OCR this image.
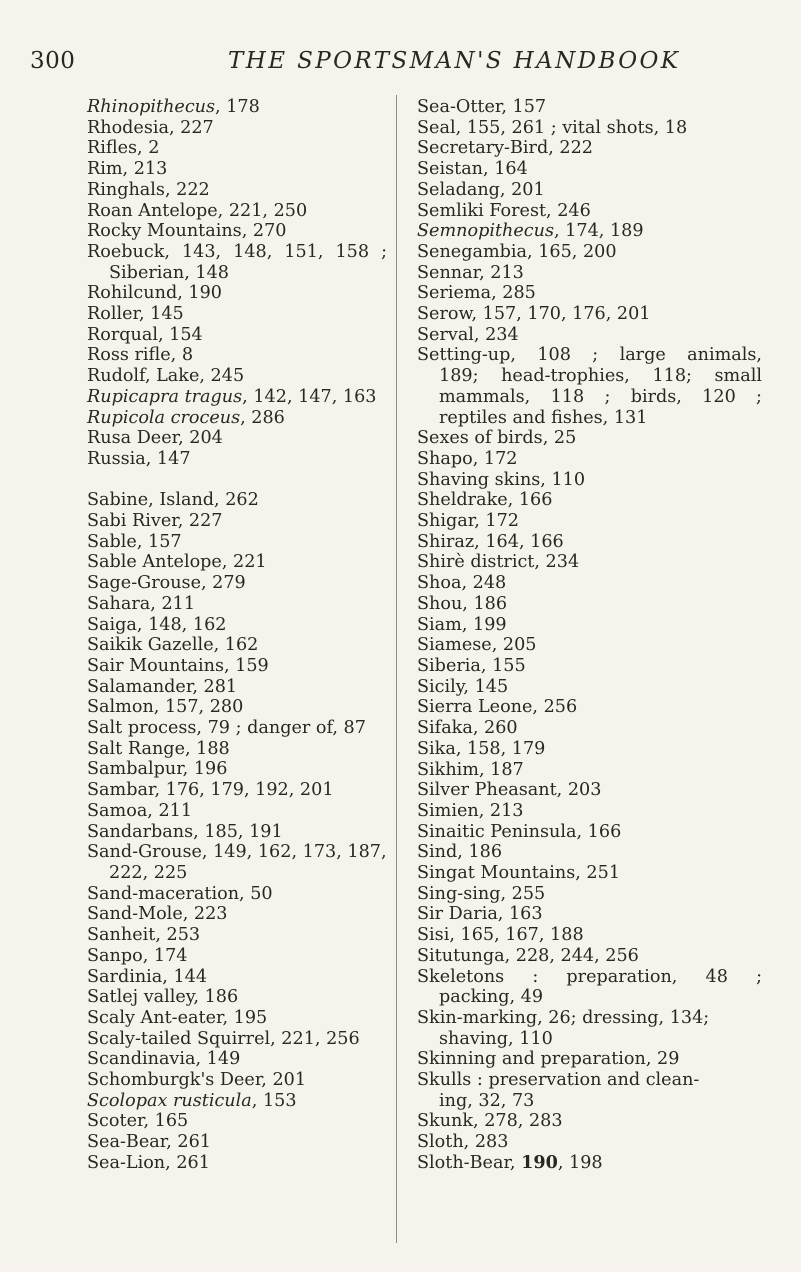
300	THE SPORTSMAN'S HANDBOOK
Rhinopithecus, 178
Rhodesia, 227
Rifles, 2
Rim, 213
Ringhals, 222
Roan Antelope, 221, 250
Rocky Mountains, 270
Roebuck, 143, 148, 151, 158 ;
Siberian, 148
Rohilcund, 190
Roller, 145
Rorqual, 154
Ross rifle, 8
Rudolf, Lake, 245
Rupicapra tragus, 142, 147, 163
Rupicola croceus, 286
Rusa Deer, 204
Russia, 147
Sabine, Island, 262
Sabi River, 227
Sable, 157
Sable Antelope, 221
Sage-Grouse, 279
Sahara, 211
Saiga, 148, 162
Saikik Gazelle, 162
Sair Mountains, 159
Salamander, 281
Salmon, 157, 280
Salt process, 79 ; danger of, 87
Salt Range, 188
Sambalpur, 196
Sambar, 176, 179, 192, 201
Samoa, 211
Sandarbans, 185, 191
Sand-Grouse, 149, 162, 173, 187,
222, 225
Sand-maceration, 50
Sand-Mole, 223
Sanheit, 253
Sanpo, 174
Sardinia, 144
Satlej valley, 186
Scaly Ant-eater, 195
Scaly-tailed Squirrel, 221, 256
Scandinavia, 149
Schomburgk's Deer, 201
Scolopax rusticula, 153
Scoter, 165
Sea-Bear, 261
Sea-Lion, 261
Sea-Otter, 157
Seal, 155, 261 ; vital shots, 18
Secretary-Bird, 222
Seistan, 164
Seladang, 201
Semliki Forest, 246
Semnopithecus, 174, 189
Senegambia, 165, 200
Sennar, 213
Seriema, 285
Serow, 157, 170, 176, 201
Serval, 234
Setting-up, 108 ; large animals,
189; head-trophies, 118; small
mammals, 118 ; birds, 120 ;
reptiles and fishes, 131
Sexes of birds, 25
Shapo, 172
Shaving skins, 110
Sheldrake, 166
Shigar, 172
Shiraz, 164, 166
Shirè district, 234
Shoa, 248
Shou, 186
Siam, 199
Siamese, 205
Siberia, 155
Sicily, 145
Sierra Leone, 256
Sifaka, 260
Sika, 158, 179
Sikhim, 187
Silver Pheasant, 203
Simien, 213
Sinaitic Peninsula, 166
Sind, 186
Singat Mountains, 251
Sing-sing, 255
Sir Daria, 163
Sisi, 165, 167, 188
Situtunga, 228, 244, 256
Skeletons : preparation, 48 ;
packing, 49
Skin-marking, 26; dressing, 134;
shaving, 110
Skinning and preparation, 29
Skulls : preservation and clean-
ing, 32, 73
Skunk, 278, 283
Sloth, 283
Sloth-Bear, 190, 198
